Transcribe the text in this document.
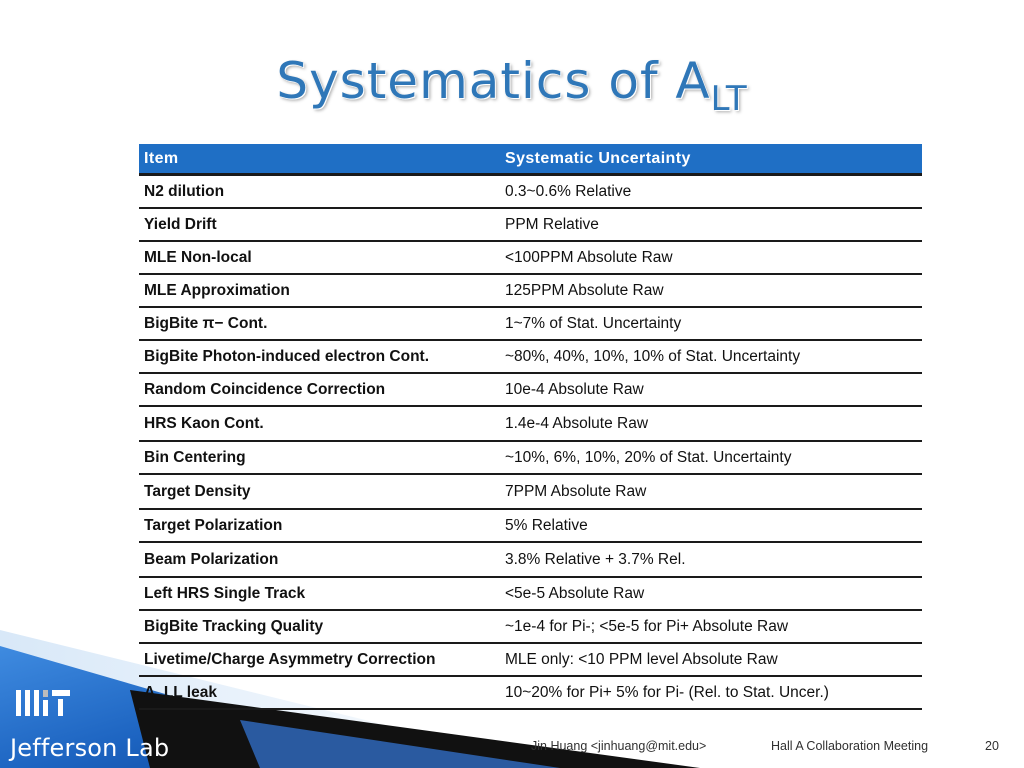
Jefferson Lab
Systematics of $A_{LT}$
Item	Systematic Uncertainty
N2 dilution	0.3~0.6% Relative
Yield Drift	PPM Relative
MLE Non-local	<100PPM Absolute Raw
MLE Approximation	125PPM Absolute Raw
BigBite π− Cont.	1~7% of Stat. Uncertainty
BigBite Photon-induced electron Cont.	~80%, 40%, 10%, 10% of Stat. Uncertainty
Random Coincidence Correction	10e-4 Absolute Raw
HRS Kaon Cont.	1.4e-4 Absolute Raw
Bin Centering	~10%, 6%, 10%, 20% of Stat. Uncertainty
Target Density	7PPM Absolute Raw
Target Polarization	5% Relative
Beam Polarization	3.8% Relative + 3.7% Rel.
Left HRS Single Track	<5e-5 Absolute Raw
BigBite Tracking Quality	~1e-4 for Pi-; <5e-5 for Pi+ Absolute Raw
Livetime/Charge Asymmetry Correction	MLE only: <10 PPM level Absolute Raw
A_LL leak	10~20% for Pi+ 5% for Pi- (Rel. to Stat. Uncer.)
Jin Huang <jinhuang@mit.edu>	Hall A Collaboration Meeting	20
